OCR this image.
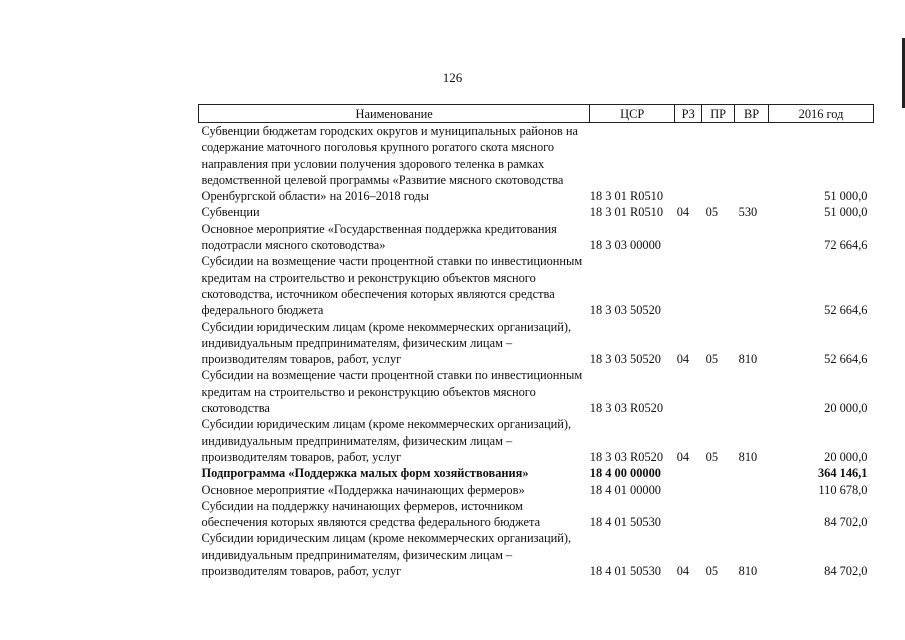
126
Наименование	ЦСР	РЗ	ПР	ВР	2016 год
Субвенции бюджетам городских округов и муниципальных районов на содержание маточного поголовья крупного рогатого скота мясного направления при условии получения здорового теленка в рамках ведомственной целевой программы «Развитие мясного скотоводства Оренбургской области» на 2016–2018 годы	18 3 01 R0510				51 000,0
Субвенции	18 3 01 R0510	04	05	530	51 000,0
Основное мероприятие «Государственная поддержка кредитования подотрасли мясного скотоводства»	18 3 03 00000				72 664,6
Субсидии на возмещение части процентной ставки по инвестиционным кредитам на строительство и реконструкцию объектов мясного скотоводства, источником обеспечения которых являются средства федерального бюджета	18 3 03 50520				52 664,6
Субсидии юридическим лицам (кроме некоммерческих организаций), индивидуальным предпринимателям, физическим лицам – производителям товаров, работ, услуг	18 3 03 50520	04	05	810	52 664,6
Субсидии на возмещение части процентной ставки по инвестиционным кредитам на строительство и реконструкцию объектов мясного скотоводства	18 3 03 R0520				20 000,0
Субсидии юридическим лицам (кроме некоммерческих организаций), индивидуальным предпринимателям, физическим лицам – производителям товаров, работ, услуг	18 3 03 R0520	04	05	810	20 000,0
Подпрограмма «Поддержка малых форм хозяйствования»	18 4 00 00000				364 146,1
Основное мероприятие «Поддержка начинающих фермеров»	18 4 01 00000				110 678,0
Субсидии на поддержку начинающих фермеров, источником обеспечения которых являются средства федерального бюджета	18 4 01 50530				84 702,0
Субсидии юридическим лицам (кроме некоммерческих организаций), индивидуальным предпринимателям, физическим лицам – производителям товаров, работ, услуг	18 4 01 50530	04	05	810	84 702,0
